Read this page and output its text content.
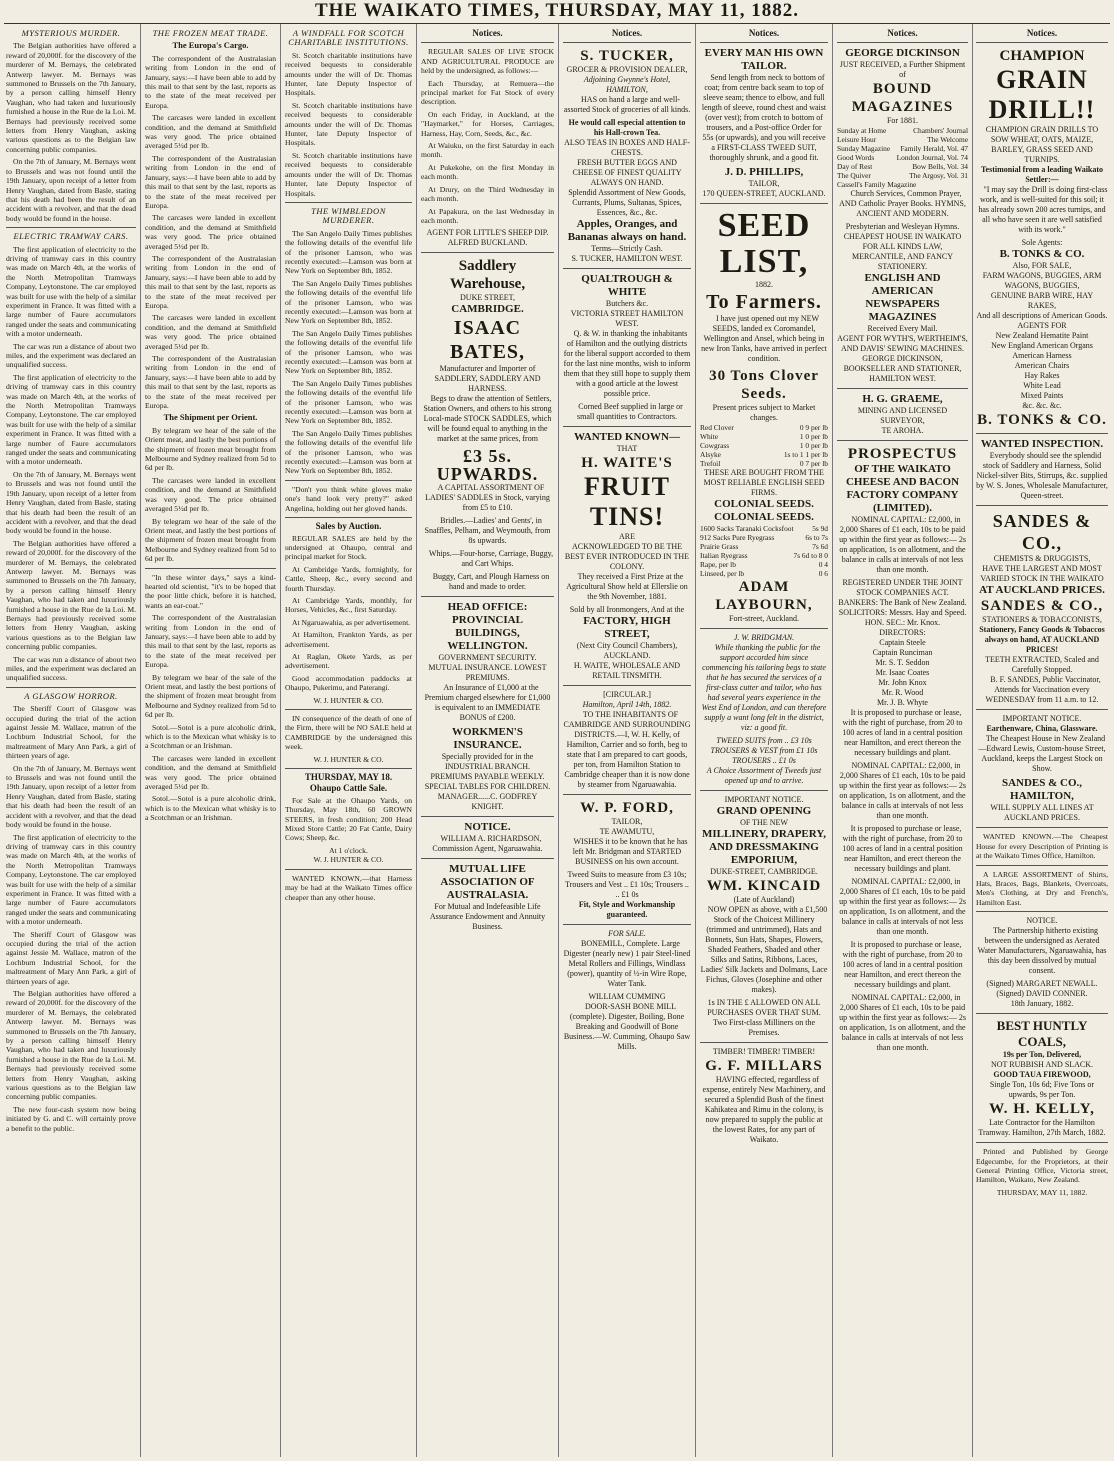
THE WAIKATO TIMES, THURSDAY, MAY 11, 1882.
MYSTERIOUS MURDER.

The Belgian authorities have offered a reward of 20,000f. for the discovery of the murderer of M. Bernays, the celebrated Antwerp lawyer. M. Bernays was summoned to Brussels on the 7th January, by a person calling himself Henry Vaughan, who had taken and luxuriously furnished a house in the Rue de la Loi. M. Bernays had previously received some letters from Henry Vaughan, asking various questions as to the Belgian law concerning public companies.

On the 7th of January, M. Bernays went to Brussels and was not found until the 19th January, upon receipt of a letter from Henry Vaughan, dated from Basle, stating that his death had been the result of an accident with a revolver, and that the dead body would be found in the house.

ELECTRIC TRAMWAY CARS.

The first application of electricity to the driving of tramway cars in this country was made on March 4th, at the works of the North Metropolitan Tramways Company, Leytonstone. The car employed was built for use with the help of a similar experiment in France. It was fitted with a large number of Faure accumulators ranged under the seats and communicating with a motor underneath.

The car was run a distance of about two miles, and the experiment was declared an unqualified success.

The first application of electricity to the driving of tramway cars in this country was made on March 4th, at the works of the North Metropolitan Tramways Company, Leytonstone. The car employed was built for use with the help of a similar experiment in France. It was fitted with a large number of Faure accumulators ranged under the seats and communicating with a motor underneath.

On the 7th of January, M. Bernays went to Brussels and was not found until the 19th January, upon receipt of a letter from Henry Vaughan, dated from Basle, stating that his death had been the result of an accident with a revolver, and that the dead body would be found in the house.

The Belgian authorities have offered a reward of 20,000f. for the discovery of the murderer of M. Bernays, the celebrated Antwerp lawyer. M. Bernays was summoned to Brussels on the 7th January, by a person calling himself Henry Vaughan, who had taken and luxuriously furnished a house in the Rue de la Loi. M. Bernays had previously received some letters from Henry Vaughan, asking various questions as to the Belgian law concerning public companies.

The car was run a distance of about two miles, and the experiment was declared an unqualified success.

A GLASGOW HORROR.

The Sheriff Court of Glasgow was occupied during the trial of the action against Jessie M. Wallace, matron of the Lochburn Industrial School, for the maltreatment of Mary Ann Park, a girl of thirteen years of age.

On the 7th of January, M. Bernays went to Brussels and was not found until the 19th January, upon receipt of a letter from Henry Vaughan, dated from Basle, stating that his death had been the result of an accident with a revolver, and that the dead body would be found in the house.

The first application of electricity to the driving of tramway cars in this country was made on March 4th, at the works of the North Metropolitan Tramways Company, Leytonstone. The car employed was built for use with the help of a similar experiment in France. It was fitted with a large number of Faure accumulators ranged under the seats and communicating with a motor underneath.

The Sheriff Court of Glasgow was occupied during the trial of the action against Jessie M. Wallace, matron of the Lochburn Industrial School, for the maltreatment of Mary Ann Park, a girl of thirteen years of age.

The Belgian authorities have offered a reward of 20,000f. for the discovery of the murderer of M. Bernays, the celebrated Antwerp lawyer. M. Bernays was summoned to Brussels on the 7th January, by a person calling himself Henry Vaughan, who had taken and luxuriously furnished a house in the Rue de la Loi. M. Bernays had previously received some letters from Henry Vaughan, asking various questions as to the Belgian law concerning public companies.

The new four-cash system now being initiated by G. and C. will certainly prove a benefit to the public.

THE FROZEN MEAT TRADE.
The Europa's Cargo.

The correspondent of the Australasian writing from London in the end of January, says:—I have been able to add by this mail to that sent by the last, reports as to the state of the meat received per Europa.

The carcases were landed in excellent condition, and the demand at Smithfield was very good. The price obtained averaged 5½d per lb.

The correspondent of the Australasian writing from London in the end of January, says:—I have been able to add by this mail to that sent by the last, reports as to the state of the meat received per Europa.

The carcases were landed in excellent condition, and the demand at Smithfield was very good. The price obtained averaged 5½d per lb.

The correspondent of the Australasian writing from London in the end of January, says:—I have been able to add by this mail to that sent by the last, reports as to the state of the meat received per Europa.

The carcases were landed in excellent condition, and the demand at Smithfield was very good. The price obtained averaged 5½d per lb.

The correspondent of the Australasian writing from London in the end of January, says:—I have been able to add by this mail to that sent by the last, reports as to the state of the meat received per Europa.

The Shipment per Orient.

By telegram we hear of the sale of the Orient meat, and lastly the best portions of the shipment of frozen meat brought from Melbourne and Sydney realized from 5d to 6d per lb.

The carcases were landed in excellent condition, and the demand at Smithfield was very good. The price obtained averaged 5½d per lb.

By telegram we hear of the sale of the Orient meat, and lastly the best portions of the shipment of frozen meat brought from Melbourne and Sydney realized from 5d to 6d per lb.

"In these winter days," says a kind-hearted old scientist, "it's to be hoped that the poor little chick, before it is hatched, wants an ear-coat."

The correspondent of the Australasian writing from London in the end of January, says:—I have been able to add by this mail to that sent by the last, reports as to the state of the meat received per Europa.

By telegram we hear of the sale of the Orient meat, and lastly the best portions of the shipment of frozen meat brought from Melbourne and Sydney realized from 5d to 6d per lb.

Sotol.—Sotol is a pure alcoholic drink, which is to the Mexican what whisky is to a Scotchman or an Irishman.

The carcases were landed in excellent condition, and the demand at Smithfield was very good. The price obtained averaged 5½d per lb.

Sotol.—Sotol is a pure alcoholic drink, which is to the Mexican what whisky is to a Scotchman or an Irishman.

A WINDFALL FOR SCOTCH CHARITABLE INSTITUTIONS.

St. Scotch charitable institutions have received bequests to considerable amounts under the will of Dr. Thomas Hunter, late Deputy Inspector of Hospitals.

St. Scotch charitable institutions have received bequests to considerable amounts under the will of Dr. Thomas Hunter, late Deputy Inspector of Hospitals.

St. Scotch charitable institutions have received bequests to considerable amounts under the will of Dr. Thomas Hunter, late Deputy Inspector of Hospitals.

THE WIMBLEDON MURDERER.

The San Angelo Daily Times publishes the following details of the eventful life of the prisoner Lamson, who was recently executed:—Lamson was born at New York on September 8th, 1852.

The San Angelo Daily Times publishes the following details of the eventful life of the prisoner Lamson, who was recently executed:—Lamson was born at New York on September 8th, 1852.

The San Angelo Daily Times publishes the following details of the eventful life of the prisoner Lamson, who was recently executed:—Lamson was born at New York on September 8th, 1852.

The San Angelo Daily Times publishes the following details of the eventful life of the prisoner Lamson, who was recently executed:—Lamson was born at New York on September 8th, 1852.

The San Angelo Daily Times publishes the following details of the eventful life of the prisoner Lamson, who was recently executed:—Lamson was born at New York on September 8th, 1852.

"Don't you think white gloves make one's hand look very pretty?" asked Angelina, holding out her gloved hands.

Sales by Auction.

REGULAR SALES are held by the undersigned at Ohaupo, central and principal market for Stock.

At Cambridge Yards, fortnightly, for Cattle, Sheep, &c., every second and fourth Thursday.

At Cambridge Yards, monthly, for Horses, Vehicles, &c., first Saturday.

At Ngaruawahia, as per advertisement.

At Hamilton, Frankton Yards, as per advertisement.

At Raglan, Okete Yards, as per advertisement.

Good accommodation paddocks at Ohaupo, Pukerimu, and Paterangi.

W. J. HUNTER & CO.

IN consequence of the death of one of the Firm, there will be NO SALE held at CAMBRIDGE by the undersigned this week.

W. J. HUNTER & CO.
THURSDAY, MAY 18.
Ohaupo Cattle Sale.

For Sale at the Ohaupo Yards, on Thursday, May 18th, 60 GROWN STEERS, in fresh condition; 200 Head Mixed Store Cattle; 20 Fat Cattle, Dairy Cows; Sheep, &c.

At 1 o'clock.
W. J. HUNTER & CO.

WANTED KNOWN,—that Harness may be had at the Waikato Times office cheaper than any other house.

Notices.

REGULAR SALES OF LIVE STOCK AND AGRICULTURAL PRODUCE are held by the undersigned, as follows:—

Each Thursday, at Remuera—the principal market for Fat Stock of every description.

On each Friday, in Auckland, at the "Haymarket," for Horses, Carriages, Harness, Hay, Corn, Seeds, &c., &c.

At Waiuku, on the first Saturday in each month.

At Pukekohe, on the first Monday in each month.

At Drury, on the Third Wednesday in each month.

At Papakura, on the last Wednesday in each month.

AGENT FOR LITTLE'S SHEEP DIP.
ALFRED BUCKLAND.
Saddlery Warehouse,
DUKE STREET,
CAMBRIDGE.
ISAAC BATES,
Manufacturer and Importer of SADDLERY, SADDLERY AND HARNESS.

Begs to draw the attention of Settlers, Station Owners, and others to his strong Local-made STOCK SADDLES, which will be found equal to anything in the market at the same prices, from

£3 5s. UPWARDS.

A CAPITAL ASSORTMENT OF LADIES' SADDLES in Stock, varying from £5 to £10.

Bridles.—Ladies' and Gents', in Snaffles, Pelham, and Weymouth, from 8s upwards.

Whips.—Four-horse, Carriage, Buggy, and Cart Whips.

Buggy, Cart, and Plough Harness on hand and made to order.

HEAD OFFICE: PROVINCIAL BUILDINGS, WELLINGTON.
GOVERNMENT SECURITY. MUTUAL INSURANCE. LOWEST PREMIUMS.

An Insurance of £1,000 at the Premium charged elsewhere for £1,000 is equivalent to an IMMEDIATE BONUS of £200.

WORKMEN'S INSURANCE.
Specially provided for in the INDUSTRIAL BRANCH.
PREMIUMS PAYABLE WEEKLY.
SPECIAL TABLES FOR CHILDREN.
MANAGER......C. GODFREY KNIGHT.
NOTICE.

WILLIAM A. RICHARDSON, Commission Agent, Ngaruawahia.

MUTUAL LIFE ASSOCIATION OF AUSTRALASIA.
For Mutual and Indefeasible Life Assurance Endowment and Annuity Business.
Notices.
S. TUCKER,
GROCER & PROVISION DEALER,
Adjoining Gwynne's Hotel, HAMILTON,

HAS on hand a large and well-assorted Stock of groceries of all kinds.

He would call especial attention to his Hall-crown Tea.
ALSO TEAS IN BOXES AND HALF-CHESTS.
FRESH BUTTER EGGS AND CHEESE OF FINEST QUALITY ALWAYS ON HAND.
Splendid Assortment of New Goods, Currants, Plums, Sultanas, Spices, Essences, &c., &c.
Apples, Oranges, and Bananas always on hand.
Terms—Strictly Cash.
S. TUCKER, HAMILTON WEST.
QUALTROUGH & WHITE
Butchers &c.
VICTORIA STREET HAMILTON WEST.

Q. & W. in thanking the inhabitants of Hamilton and the outlying districts for the liberal support accorded to them for the last nine months, wish to inform them that they still hope to supply them with a good article at the lowest possible price.

Corned Beef supplied in large or small quantities to Contractors.

WANTED KNOWN—
THAT
H. WAITE'S
FRUIT TINS!
ARE
ACKNOWLEDGED TO BE THE BEST EVER INTRODUCED IN THE COLONY.

They received a First Prize at the Agricultural Show held at Ellerslie on the 9th November, 1881.

Sold by all Ironmongers, And at the
FACTORY, HIGH STREET,
(Next City Council Chambers), AUCKLAND.
H. WAITE, WHOLESALE AND RETAIL TINSMITH.
[CIRCULAR.]
Hamilton, April 14th, 1882.

TO THE INHABITANTS OF CAMBRIDGE AND SURROUNDING DISTRICTS.—I, W. H. Kelly, of Hamilton, Carrier and so forth, beg to state that I am prepared to cart goods, per ton, from Hamilton Station to Cambridge cheaper than it is now done by steamer from Ngaruawahia.

W. P. FORD,
TAILOR,
TE AWAMUTU,

WISHES it to be known that he has left Mr. Bridgman and STARTED BUSINESS on his own account.

Tweed Suits to measure from £3 10s; Trousers and Vest .. £1 10s; Trousers .. .. £1 0s
Fit, Style and Workmanship guaranteed.
FOR SALE.

BONEMILL, Complete. Large Digester (nearly new) 1 pair Steel-lined Metal Rollers and Fillings, Windlass (power), quantity of ½-in Wire Rope, Water Tank.

WILLIAM CUMMING

DOOR-SASH BONE MILL (complete). Digester, Boiling, Bone Breaking and Goodwill of Bone Business.—W. Cumming, Ohaupo Saw Mills.

Notices.
EVERY MAN HIS OWN TAILOR.

Send length from neck to bottom of coat; from centre back seam to top of sleeve seam; thence to elbow, and full length of sleeve, round chest and waist (over vest); from crotch to bottom of trousers, and a Post-office Order for 55s (or upwards), and you will receive a FIRST-CLASS TWEED SUIT, thoroughly shrunk, and a good fit.

J. D. PHILLIPS,
TAILOR,
170 QUEEN-STREET, AUCKLAND.
SEED LIST,
1882.
To Farmers.

I have just opened out my NEW SEEDS, landed ex Coromandel, Wellington and Ansel, which being in new Iron Tanks, have arrived in perfect condition.

30 Tons Clover Seeds.
Present prices subject to Market changes.
Red Clover	0 9 per lb
White	1 0 per lb
Cowgrass	1 0 per lb
Alsyke	1s to 1 1 per lb
Trefoil	0 7 per lb
THESE ARE BOUGHT FROM THE MOST RELIABLE ENGLISH SEED FIRMS.
COLONIAL SEEDS. COLONIAL SEEDS.
1600 Sacks Taranaki Cocksfoot	5s 9d
912 Sacks Pure Ryegrass	6s to 7s
Prairie Grass	7s 6d
Italian Ryegrass	7s 6d to 8 0
Rape, per lb	0 4
Linseed, per lb	0 6
ADAM LAYBOURN,
Fort-street, Auckland.
J. W. BRIDGMAN.

While thanking the public for the support accorded him since commencing his tailoring begs to state that he has secured the services of a first-class cutter and tailor, who has had several years experience in the West End of London, and can therefore supply a want long felt in the district, viz: a good fit.

TWEED SUITS from .. £3 10s
TROUSERS & VEST from £1 10s
TROUSERS .. £1 0s
A Choice Assortment of Tweeds just opened up and to arrive.
IMPORTANT NOTICE.
GRAND OPENING
OF THE NEW
MILLINERY, DRAPERY, AND DRESSMAKING EMPORIUM,
DUKE-STREET, CAMBRIDGE.
WM. KINCAID
(Late of Auckland)

NOW OPEN as above, with a £1,500 Stock of the Choicest Millinery (trimmed and untrimmed), Hats and Bonnets, Sun Hats, Shapes, Flowers, Shaded Feathers, Shaded and other Silks and Satins, Ribbons, Laces, Ladies' Silk Jackets and Dolmans, Lace Fichus, Gloves (Josephine and other makes).

1s IN THE £ ALLOWED ON ALL PURCHASES OVER THAT SUM.
Two First-class Milliners on the Premises.
TIMBER! TIMBER! TIMBER!
G. F. MILLARS

HAVING effected, regardless of expense, entirely New Machinery, and secured a Splendid Bush of the finest Kahikatea and Rimu in the colony, is now prepared to supply the public at the lowest Rates, for any part of Waikato.

Notices.
GEORGE DICKINSON
JUST RECEIVED, a Further Shipment of
BOUND MAGAZINES
For 1881.
Sunday at Home	Chambers' Journal
Leisure Hour	The Welcome
Sunday Magazine Family Herald, Vol. 47
Good Words	London Journal, Vol. 74
Day of Rest	Bow Bells, Vol. 34
The Quiver	The Argosy, Vol. 31
Cassell's Family Magazine

Church Services, Common Prayer, AND Catholic Prayer Books. HYMNS, ANCIENT AND MODERN.

Presbyterian and Wesleyan Hymns.
CHEAPEST HOUSE IN WAIKATO FOR ALL KINDS LAW, MERCANTILE, AND FANCY STATIONERY.
ENGLISH AND AMERICAN
NEWSPAPERS MAGAZINES
Received Every Mail.
AGENT FOR WYTH'S, WERTHEIM'S, AND DAVIS' SEWING MACHINES.
GEORGE DICKINSON, BOOKSELLER AND STATIONER, HAMILTON WEST.
H. G. GRAEME,
MINING AND LICENSED SURVEYOR,
TE AROHA.
PROSPECTUS
OF THE WAIKATO CHEESE AND BACON FACTORY COMPANY (LIMITED).

NOMINAL CAPITAL: £2,000, in 2,000 Shares of £1 each, 10s to be paid up within the first year as follows:— 2s on application, 1s on allotment, and the balance in calls at intervals of not less than one month.

REGISTERED UNDER THE JOINT STOCK COMPANIES ACT.
BANKERS: The Bank of New Zealand.
SOLICITORS: Messrs. Hay and Speed.
HON. SEC.: Mr. Knox.
DIRECTORS:
Captain Steele
Captain Runciman
Mr. S. T. Seddon
Mr. Isaac Coates
Mr. John Knox
Mr. R. Wood
Mr. J. B. Whyte

It is proposed to purchase or lease, with the right of purchase, from 20 to 100 acres of land in a central position near Hamilton, and erect thereon the necessary buildings and plant.

NOMINAL CAPITAL: £2,000, in 2,000 Shares of £1 each, 10s to be paid up within the first year as follows:— 2s on application, 1s on allotment, and the balance in calls at intervals of not less than one month.

It is proposed to purchase or lease, with the right of purchase, from 20 to 100 acres of land in a central position near Hamilton, and erect thereon the necessary buildings and plant.

NOMINAL CAPITAL: £2,000, in 2,000 Shares of £1 each, 10s to be paid up within the first year as follows:— 2s on application, 1s on allotment, and the balance in calls at intervals of not less than one month.

It is proposed to purchase or lease, with the right of purchase, from 20 to 100 acres of land in a central position near Hamilton, and erect thereon the necessary buildings and plant.

NOMINAL CAPITAL: £2,000, in 2,000 Shares of £1 each, 10s to be paid up within the first year as follows:— 2s on application, 1s on allotment, and the balance in calls at intervals of not less than one month.

Notices.
CHAMPION
GRAIN
DRILL!!
CHAMPION GRAIN DRILLS TO SOW WHEAT, OATS, MAIZE, BARLEY, GRASS SEED AND TURNIPS.
Testimonial from a leading Waikato Settler:—

"I may say the Drill is doing first-class work, and is well-suited for this soil; it has already sown 200 acres turnips, and all who have seen it are well satisfied with its work."

Sole Agents:
B. TONKS & CO.
Also, FOR SALE,
FARM WAGONS, BUGGIES, ARM WAGONS, BUGGIES,
GENUINE BARB WIRE, HAY RAKES,
And all descriptions of American Goods.
AGENTS FOR
New Zealand Hematite Paint
New England American Organs
American Harness
American Chairs
Hay Rakes
White Lead
Mixed Paints
&c. &c. &c.
B. TONKS & CO.
WANTED INSPECTION.

Everybody should see the splendid stock of Saddlery and Harness, Solid Nickel-silver Bits, Stirrups, &c. supplied by W. S. Jones, Wholesale Manufacturer, Queen-street.

SANDES & CO.,
CHEMISTS & DRUGGISTS,
HAVE THE LARGEST AND MOST VARIED STOCK IN THE WAIKATO
AT AUCKLAND PRICES.
SANDES & CO.,
STATIONERS & TOBACCONISTS,
Stationery, Fancy Goods & Tobaccos always on hand, AT AUCKLAND PRICES!
TEETH EXTRACTED, Scaled and Carefully Stopped.

B. F. SANDES, Public Vaccinator, Attends for Vaccination every WEDNESDAY from 11 a.m. to 12.

IMPORTANT NOTICE.
Earthenware, China, Glassware.

The Cheapest House in New Zealand—Edward Lewis, Custom-house Street, Auckland, keeps the Largest Stock on Show.

SANDES & CO., HAMILTON,
WILL SUPPLY ALL LINES AT AUCKLAND PRICES.

WANTED KNOWN.—The Cheapest House for every Description of Printing is at the Waikato Times Office, Hamilton.

A LARGE ASSORTMENT of Shirts, Hats, Braces, Bags, Blankets, Overcoats, Men's Clothing, at Dry and French's, Hamilton East.

NOTICE.

The Partnership hitherto existing between the undersigned as Aerated Water Manufacturers, Ngaruawahia, has this day been dissolved by mutual consent.

(Signed) MARGARET NEWALL.
(Signed) DAVID CONNER.
18th January, 1882.
BEST HUNTLY COALS,
19s per Ton, Delivered,
NOT RUBBISH AND SLACK.
GOOD TAUA FIREWOOD,
Single Ton, 10s 6d; Five Tons or upwards, 9s per Ton.
W. H. KELLY,
Late Contractor for the Hamilton Tramway. Hamilton, 27th March, 1882.

Printed and Published by George Edgecumbe, for the Proprietors, at their General Printing Office, Victoria street, Hamilton, Waikato, New Zealand.

THURSDAY, MAY 11, 1882.
